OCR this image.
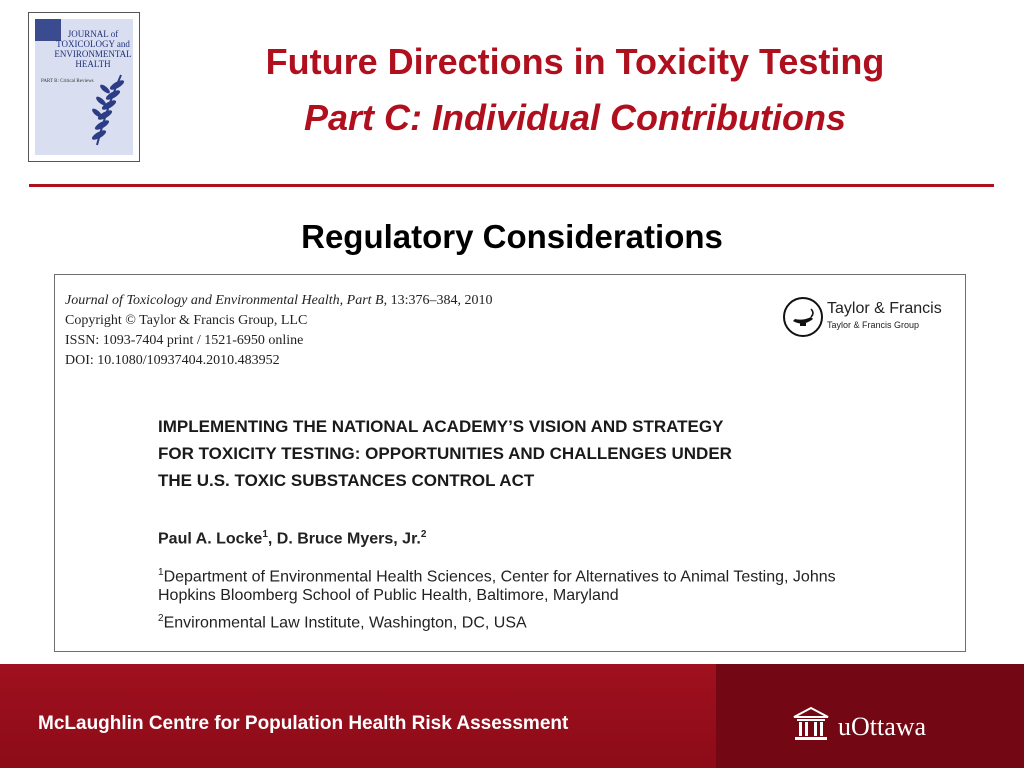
JOURNAL of TOXICOLOGY and ENVIRONMENTAL HEALTH
PART B: Critical Reviews	Future Directions in Toxicity Testing
Part C: Individual Contributions
Regulatory Considerations
Journal of Toxicology and Environmental Health, Part B, 13:376–384, 2010
Copyright © Taylor & Francis Group, LLC
ISSN: 1093-7404 print / 1521-6950 online
DOI: 10.1080/10937404.2010.483952
Taylor & Francis
Taylor & Francis Group
IMPLEMENTING THE NATIONAL ACADEMY’S VISION AND STRATEGY
FOR TOXICITY TESTING: OPPORTUNITIES AND CHALLENGES UNDER
THE U.S. TOXIC SUBSTANCES CONTROL ACT
Paul A. Locke$^1$, D. Bruce Myers, Jr.$^2$
$^1$Department of Environmental Health Sciences, Center for Alternatives to Animal Testing, Johns
Hopkins Bloomberg School of Public Health, Baltimore, Maryland
$^2$Environmental Law Institute, Washington, DC, USA
McLaughlin Centre for Population Health Risk Assessment	uOttawa
